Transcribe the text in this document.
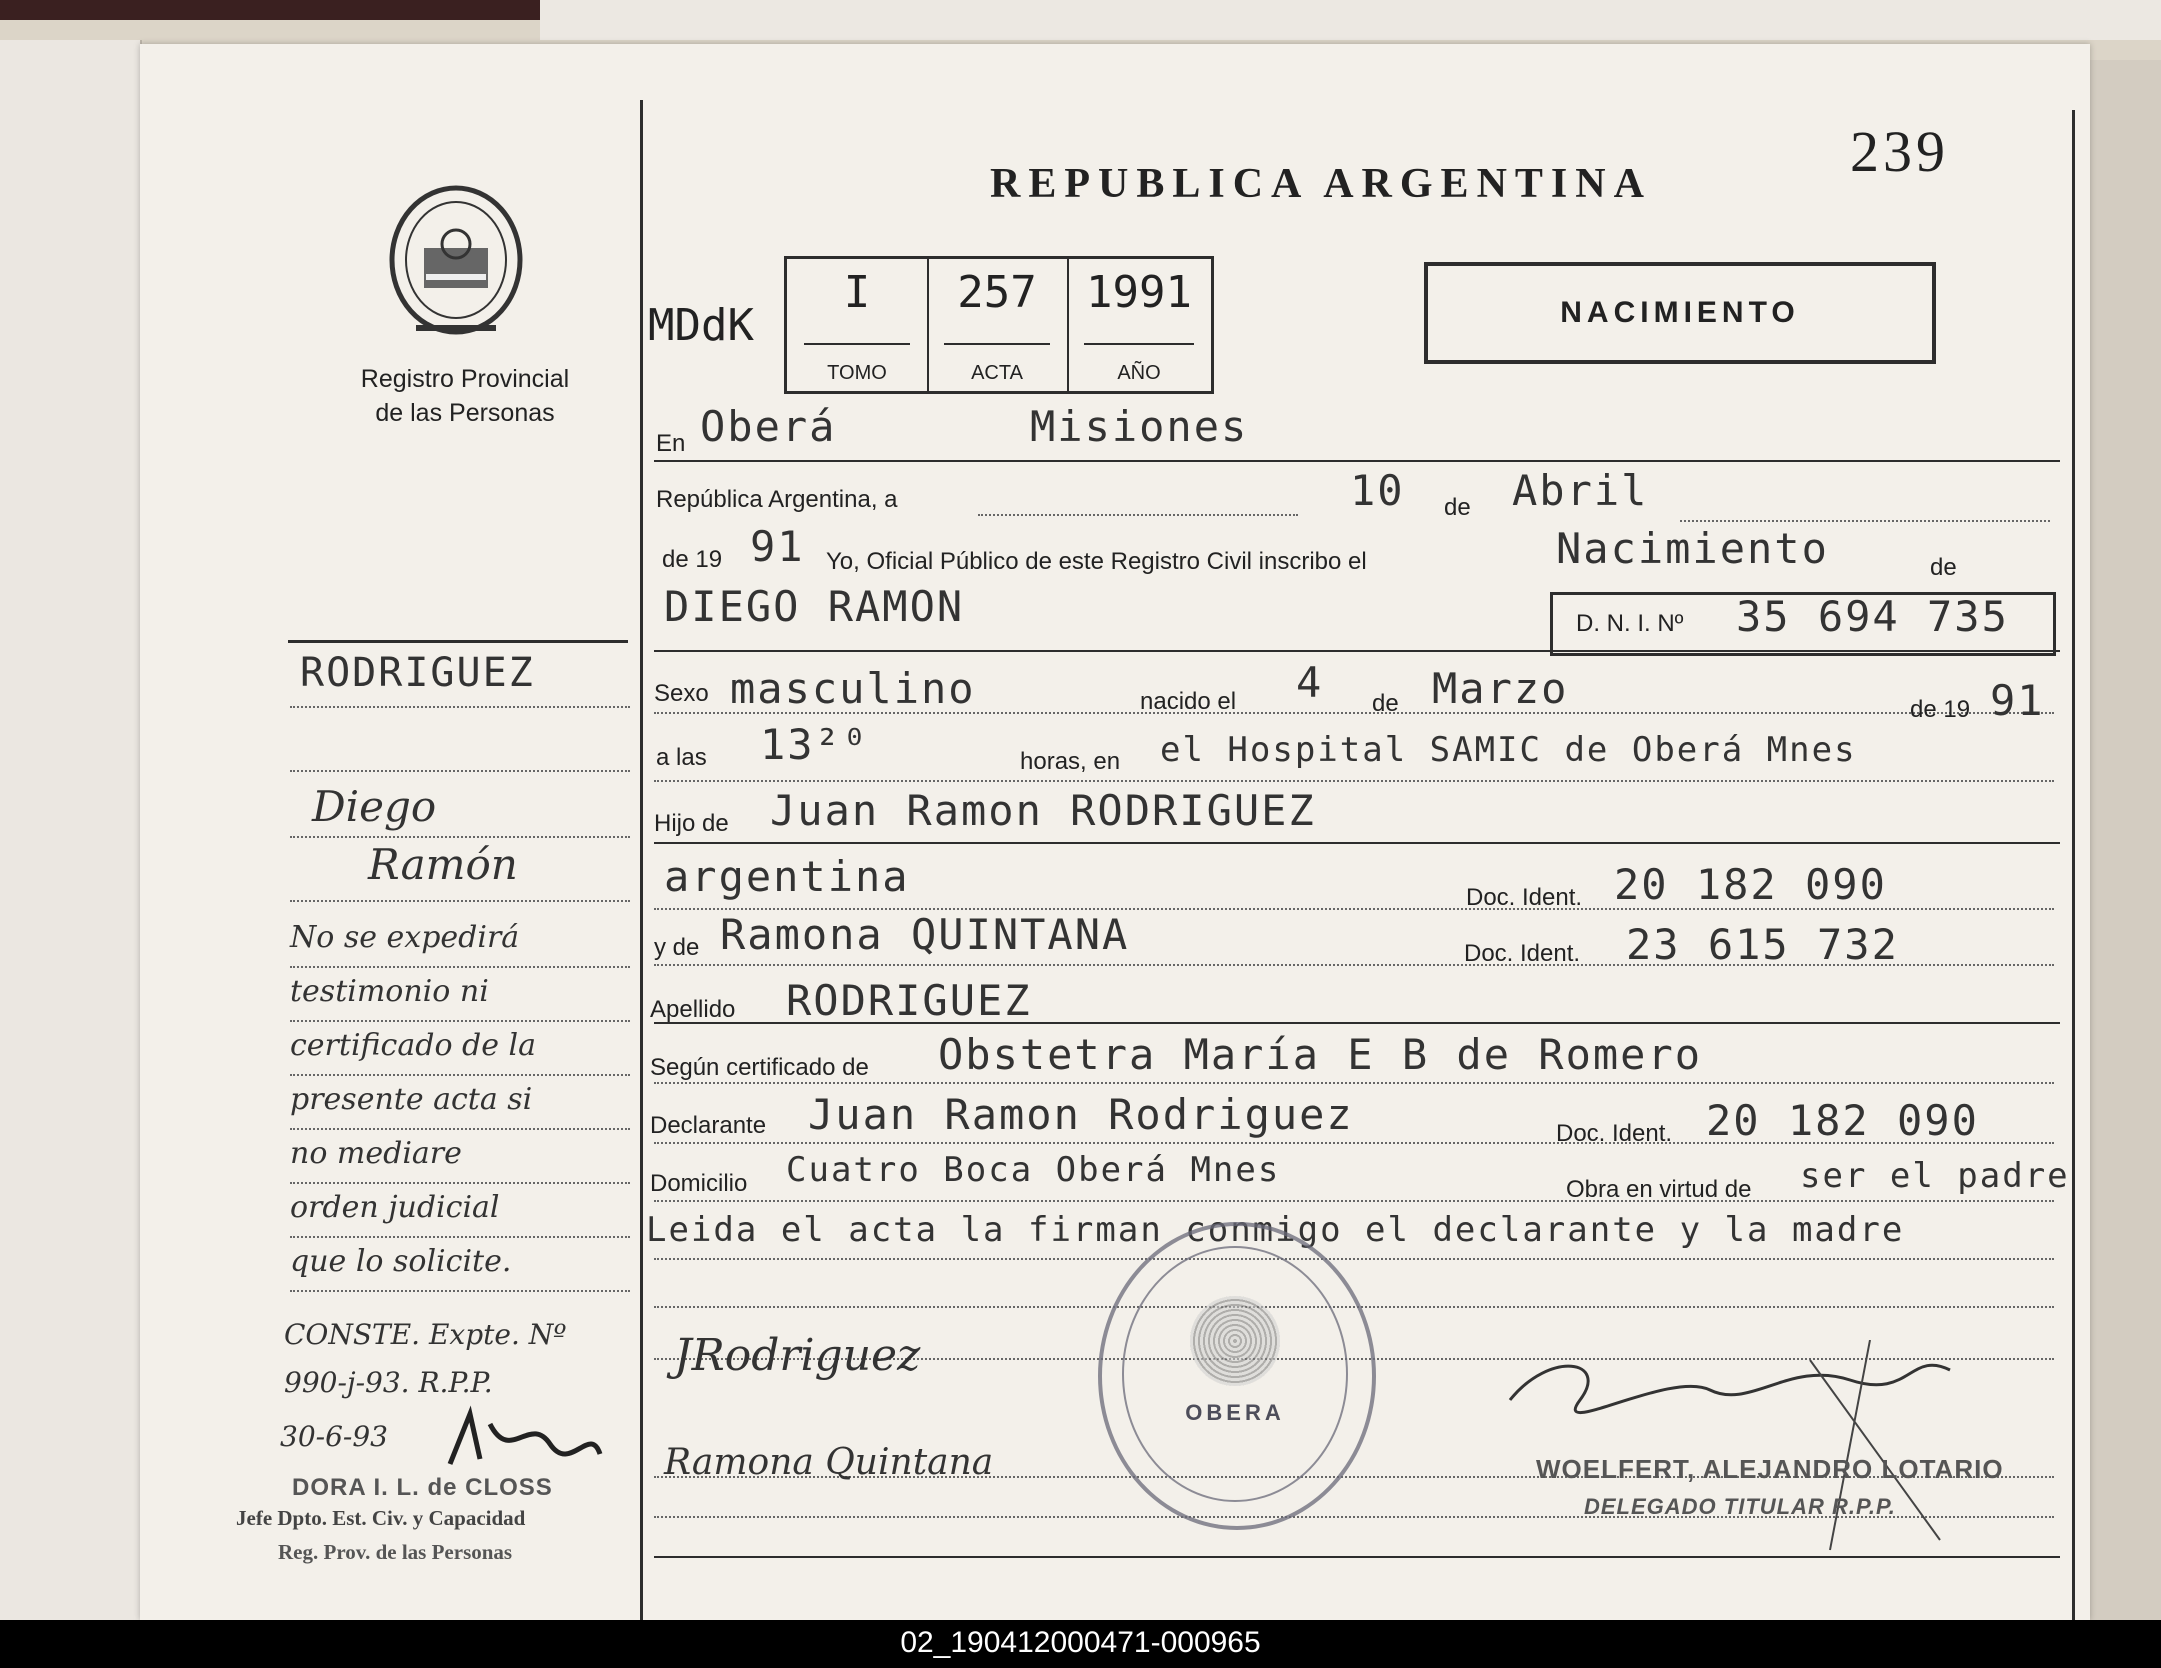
239
REPUBLICA ARGENTINA
Registro Provincial
de las Personas
MDdK
I
TOMO
257
ACTA
1991
AÑO
NACIMIENTO
En Oberá	Misiones
República Argentina, a	10 de Abril
de 19 91 Yo, Oficial Público de este Registro Civil inscribo el	Nacimiento	de
DIEGO RAMON	D. N. I. Nº 35 694 735
Sexo masculino	nacido el 4 de Marzo	de 19 91
a las 13²⁰	horas, en el Hospital SAMIC de Oberá Mnes
Hijo de Juan Ramon RODRIGUEZ
argentina	Doc. Ident. 20 182 090
y de Ramona QUINTANA	Doc. Ident. 23 615 732
Apellido RODRIGUEZ
Según certificado de Obstetra María E B de Romero
Declarante Juan Ramon Rodriguez	Doc. Ident. 20 182 090
Domicilio Cuatro Boca Oberá Mnes	Obra en virtud de ser el padre
Leida el acta la firman conmigo el declarante y la madre
OBERA
JRodriguez
Ramona Quintana	WOELFERT, ALEJANDRO LOTARIO
DELEGADO TITULAR R.P.P.
RODRIGUEZ
Diego
Ramón
No se expedirá
testimonio ni
certificado de la
presente acta si
no mediare
orden judicial
que lo solicite.
CONSTE. Expte. Nº
990-j-93. R.P.P.
30-6-93
DORA I. L. de CLOSS
Jefe Dpto. Est. Civ. y Capacidad
Reg. Prov. de las Personas
02_190412000471-000965
